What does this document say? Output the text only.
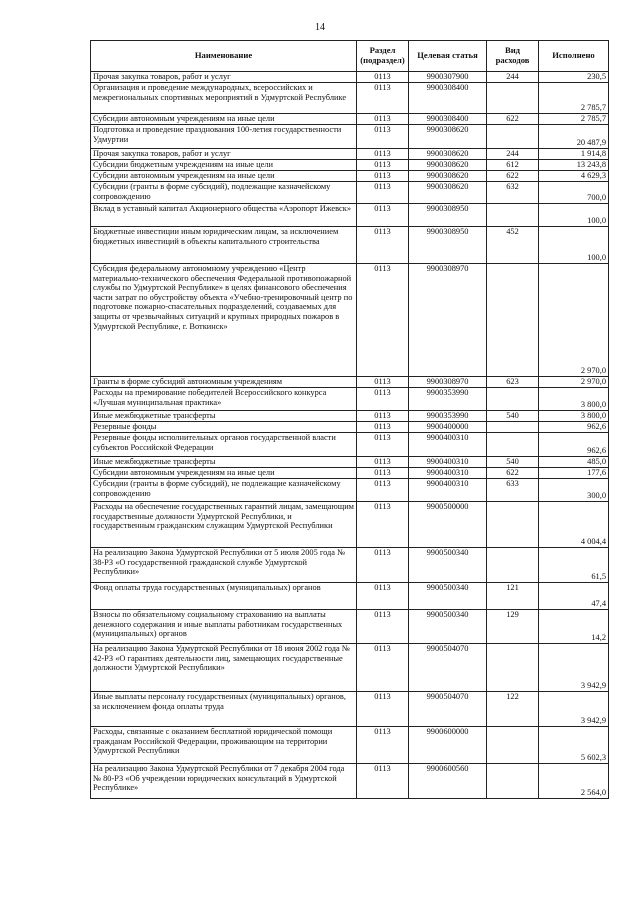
14
Наименование	Раздел (подраздел)	Целевая статья	Вид расходов	Исполнено
Прочая закупка товаров, работ и услуг	0113	9900307900	244	230,5
Организация и проведение международных, всероссийских и межрегиональных спортивных мероприятий в Удмуртской Республике	0113	9900308400		2 785,7
Субсидии автономным учреждениям на иные цели	0113	9900308400	622	2 785,7
Подготовка и проведение празднования 100-летия государственности Удмуртии	0113	9900308620		20 487,9
Прочая закупка товаров, работ и услуг	0113	9900308620	244	1 914,8
Субсидии бюджетным учреждениям на иные цели	0113	9900308620	612	13 243,8
Субсидии автономным учреждениям на иные цели	0113	9900308620	622	4 629,3
Субсидии (гранты в форме субсидий), подлежащие казначейскому сопровождению	0113	9900308620	632	700,0
Вклад в уставный капитал Акционерного общества «Аэропорт Ижевск»	0113	9900308950		100,0
Бюджетные инвестиции иным юридическим лицам, за исключением бюджетных инвестиций в объекты капитального строительства	0113	9900308950	452	100,0
Субсидия федеральному автономному учреждению «Центр материально-технического обеспечения Федеральной противопожарной службы по Удмуртской Республике» в целях финансового обеспечения части затрат по обустройству объекта «Учебно-тренировочный центр по подготовке пожарно-спасательных подразделений, создаваемых для защиты от чрезвычайных ситуаций и крупных природных пожаров в Удмуртской Республике, г. Воткинск»	0113	9900308970		2 970,0
Гранты в форме субсидий автономным учреждениям	0113	9900308970	623	2 970,0
Расходы на премирование победителей Всероссийского конкурса «Лучшая муниципальная практика»	0113	9900353990		3 800,0
Иные межбюджетные трансферты	0113	9900353990	540	3 800,0
Резервные фонды	0113	9900400000		962,6
Резервные фонды исполнительных органов государственной власти субъектов Российской Федерации	0113	9900400310		962,6
Иные межбюджетные трансферты	0113	9900400310	540	485,0
Субсидии автономным учреждениям на иные цели	0113	9900400310	622	177,6
Субсидии (гранты в форме субсидий), не подлежащие казначейскому сопровождению	0113	9900400310	633	300,0
Расходы на обеспечение государственных гарантий лицам, замещающим государственные должности Удмуртской Республики, и государственным гражданским служащим Удмуртской Республики	0113	9900500000		4 004,4
На реализацию Закона Удмуртской Республики от 5 июля 2005 года № 38-РЗ «О государственной гражданской службе Удмуртской Республики»	0113	9900500340		61,5
Фонд оплаты труда государственных (муниципальных) органов	0113	9900500340	121	47,4
Взносы по обязательному социальному страхованию на выплаты денежного содержания и иные выплаты работникам государственных (муниципальных) органов	0113	9900500340	129	14,2
На реализацию Закона Удмуртской Республики от 18 июня 2002 года № 42-РЗ «О гарантиях деятельности лиц, замещающих государственные должности Удмуртской Республики»	0113	9900504070		3 942,9
Иные выплаты персоналу государственных (муниципальных) органов, за исключением фонда оплаты труда	0113	9900504070	122	3 942,9
Расходы, связанные с оказанием бесплатной юридической помощи гражданам Российской Федерации, проживающим на территории Удмуртской Республики	0113	9900600000		5 602,3
На реализацию Закона Удмуртской Республики от 7 декабря 2004 года № 80-РЗ «Об учреждении юридических консультаций в Удмуртской Республике»	0113	9900600560		2 564,0
